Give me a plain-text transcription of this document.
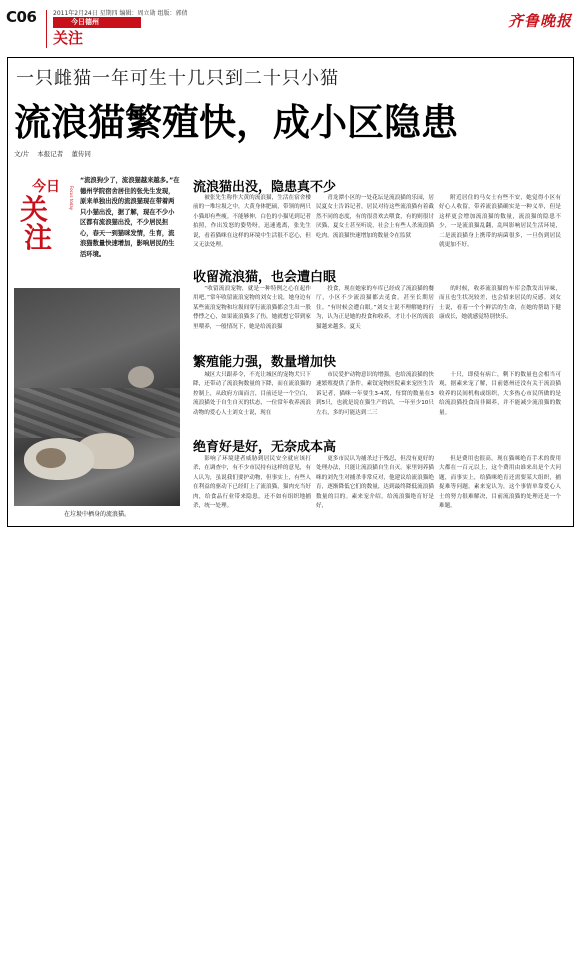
C06	2011年2月24日 星期四 编辑：周立勋 组版：郭倩
今日德州
关注
齐鲁晚报
一只雌猫一年可生十几只到二十只小猫
流浪猫繁殖快，成小区隐患
文/片 本报记者 董传同
今日
关
注
Focus today
“流浪狗少了，流浪猫越来越多。”在德州学院宿舍居住的张先生发现，原来单独出没的流浪猫现在带着两只小猫出没，据了解，现在不少小区都有流浪猫出没，不少居民担心，春天一到猫咪发情，生育，流浪猫数量快速增加，影响居民的生活环境。
在垃圾中栖身的流浪猫。
流浪猫出没，隐患真不少

被张先生称作大黄的流浪猫，生活在宿舍楼前的一堆垃圾之中，大黄身体肥硕，带领的两只小猫却有些瘦。不能够伸，白色的小猫见到记者拍照，作出发怒的姿势呀，迅速逃离，张先生说，看着猫咪在这样的环境中生活很不忍心，但又无法处理。

青龙潭小区的一处花坛是流浪猫的乐园，居民夏女士告诉记者，居民对待这些流浪猫有着截然不同的态度，有的很喜欢去喂食，有的则很讨厌猫，夏女士甚至听说，社会上有些人杀流浪猫吃肉。流浪猫快速增加的数量令在监狱

附近居住的马女士有些不安，她觉得小区有好心人收留，带养流浪猫确实是一种义举，但是这样更会增加流浪猫的数量，流浪猫的隐患不少，一是流浪猫乱翻，乱叫影响居民生活环境，二是流浪猫身上携带的病菌很多，一旦伤到居民就更加不好。

收留流浪猫，也会遭白眼

“收留流浪宠物，就是一种特例之心在起作用吧。”常年收留流浪宠物的刘女士说，她身边有某些流浪宠物和垃圾间穿行流浪猫都会生出一股悸悸之心，如果流浪猫多了伤，她就想它带到家里喂养，一般情况下，她是给流浪猫

投食，现在她家的车库已经成了流浪猫的餐厅，小区不少流浪猫都去觅食，甚至长期居住。“有时候会遭白眼。”刘女士说不理解她的行为，认为正是她的投食和收养，才让小区的流浪猫越来越多，夏天

的时候，收养流浪猫的车库会散发出异味，而且也生状况较差，也会招来居民的反感。刘女士说，看着一个个鲜活的生命，在她的帮助下健康成长，她就感觉特别快乐。

繁殖能力强，数量增加快

城区大只跟养令，不光让城区的宠物犬只下降，还带动了流浪狗数量的下降，而在流浪猫的控制上，从政府方面而言，目前还是一个空白，流浪猫处于自生自灭的状态，一位常年收养流浪动物的爱心人士刘女士说，现在

市民爱护动物意识的增强，也给流浪猫的快速繁殖提供了条件。素钗宠物医院素来宠医生告诉记者，猫咪一年要生3-4窝，每窝的数量在3到5只，也就是说在猫生产的话，一年至少10只左右，多的可能达到二三

十只，即使有病亡，剩下的数量也会相当可观，据素来宠了解，目前德州还没有关于流浪猫收养的民间机构或组织，大多热心市民所做的是给流浪猫投食而非圈养，并不能减少流浪猫的数量。

绝育好是好，无奈成本高

影响了环境建者威胁到居民安全就应该打杀，在调查中，有不少市民持有这样的意见，有人认为，虽说我们要护动物，但事实上，有些人在利益的驱动下已经盯上了流浪猫，猫肉充当好肉，给食品行业带来隐患，还不如有组织地捕杀，统一处理。

更多市民认为捕杀过于残忍，但没有更好的处理办法，只能让流浪猫自生自灭。家里饲养猫咪的刘先生对捕杀非常反对，他建议给流浪猫绝育，逐渐降低它们的数量，达到最终降低流浪猫数量的目的。素来宠介绍，给流浪猫绝育好是好，

但是费用也很高，现在猫咪绝育手术的费用大都在一百元以上，这个费用由谁来出是个大问题，而事实上，给猫咪绝育还需要某大组织，捕捉难等问题。素来宠认为，这个事情单靠爱心人士的努力很难解决，目前流浪猫的处理还是一个难题。
